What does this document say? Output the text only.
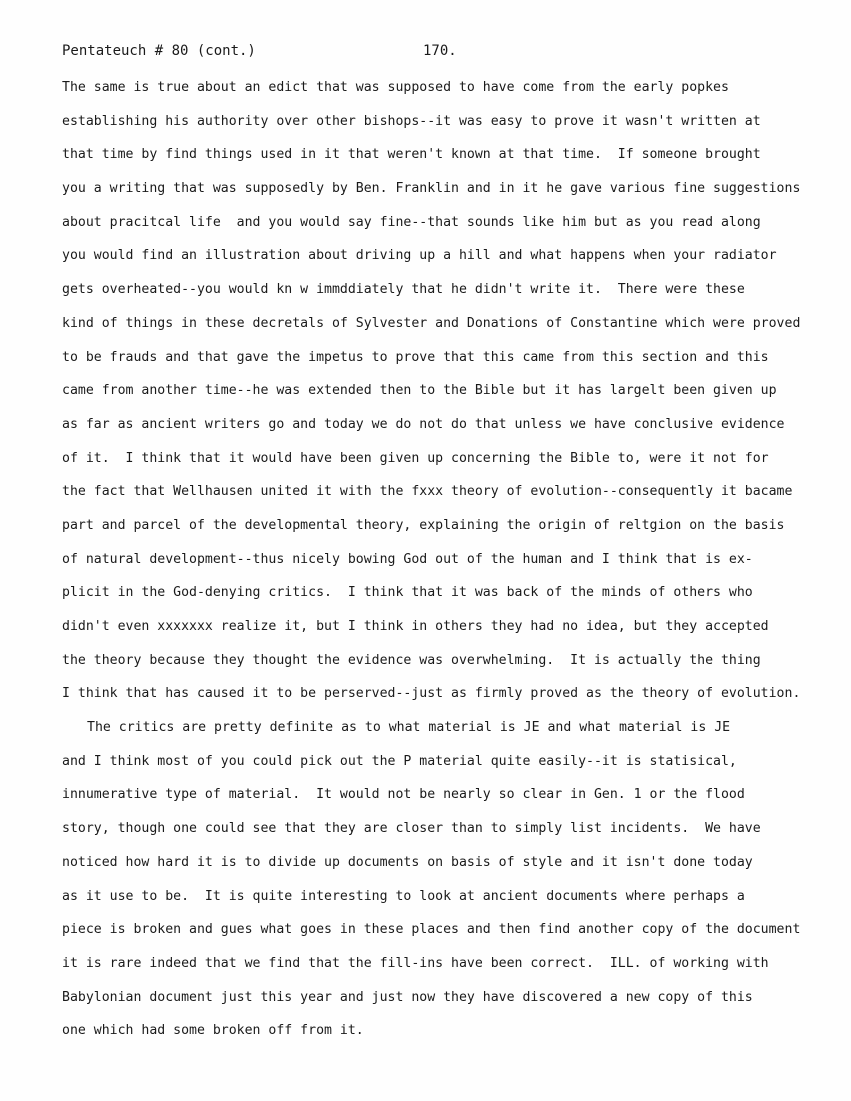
Pentateuch # 80 (cont.)	170.
The same is true about an edict that was supposed to have come from the early popkes
establishing his authority over other bishops--it was easy to prove it wasn't written at
that time by find things used in it that weren't known at that time.  If someone brought
you a writing that was supposedly by Ben. Franklin and in it he gave various fine suggestions
about pracitcal life  and you would say fine--that sounds like him but as you read along
you would find an illustration about driving up a hill and what happens when your radiator
gets overheated--you would kn w immddiately that he didn't write it.  There were these
kind of things in these decretals of Sylvester and Donations of Constantine which were proved
to be frauds and that gave the impetus to prove that this came from this section and this
came from another time--he was extended then to the Bible but it has largelt been given up
as far as ancient writers go and today we do not do that unless we have conclusive evidence
of it.  I think that it would have been given up concerning the Bible to, were it not for
the fact that Wellhausen united it with the fxxx theory of evolution--consequently it bacame
part and parcel of the developmental theory, explaining the origin of reltgion on the basis
of natural development--thus nicely bowing God out of the human and I think that is ex-
plicit in the God-denying critics.  I think that it was back of the minds of others who
didn't even xxxxxxx realize it, but I think in others they had no idea, but they accepted
the theory because they thought the evidence was overwhelming.  It is actually the thing
I think that has caused it to be perserved--just as firmly proved as the theory of evolution.
The critics are pretty definite as to what material is JE and what material is JE
and I think most of you could pick out the P material quite easily--it is statisical,
innumerative type of material.  It would not be nearly so clear in Gen. 1 or the flood
story, though one could see that they are closer than to simply list incidents.  We have
noticed how hard it is to divide up documents on basis of style and it isn't done today
as it use to be.  It is quite interesting to look at ancient documents where perhaps a
piece is broken and gues what goes in these places and then find another copy of the document
it is rare indeed that we find that the fill-ins have been correct.  ILL. of working with
Babylonian document just this year and just now they have discovered a new copy of this
one which had some broken off from it.
